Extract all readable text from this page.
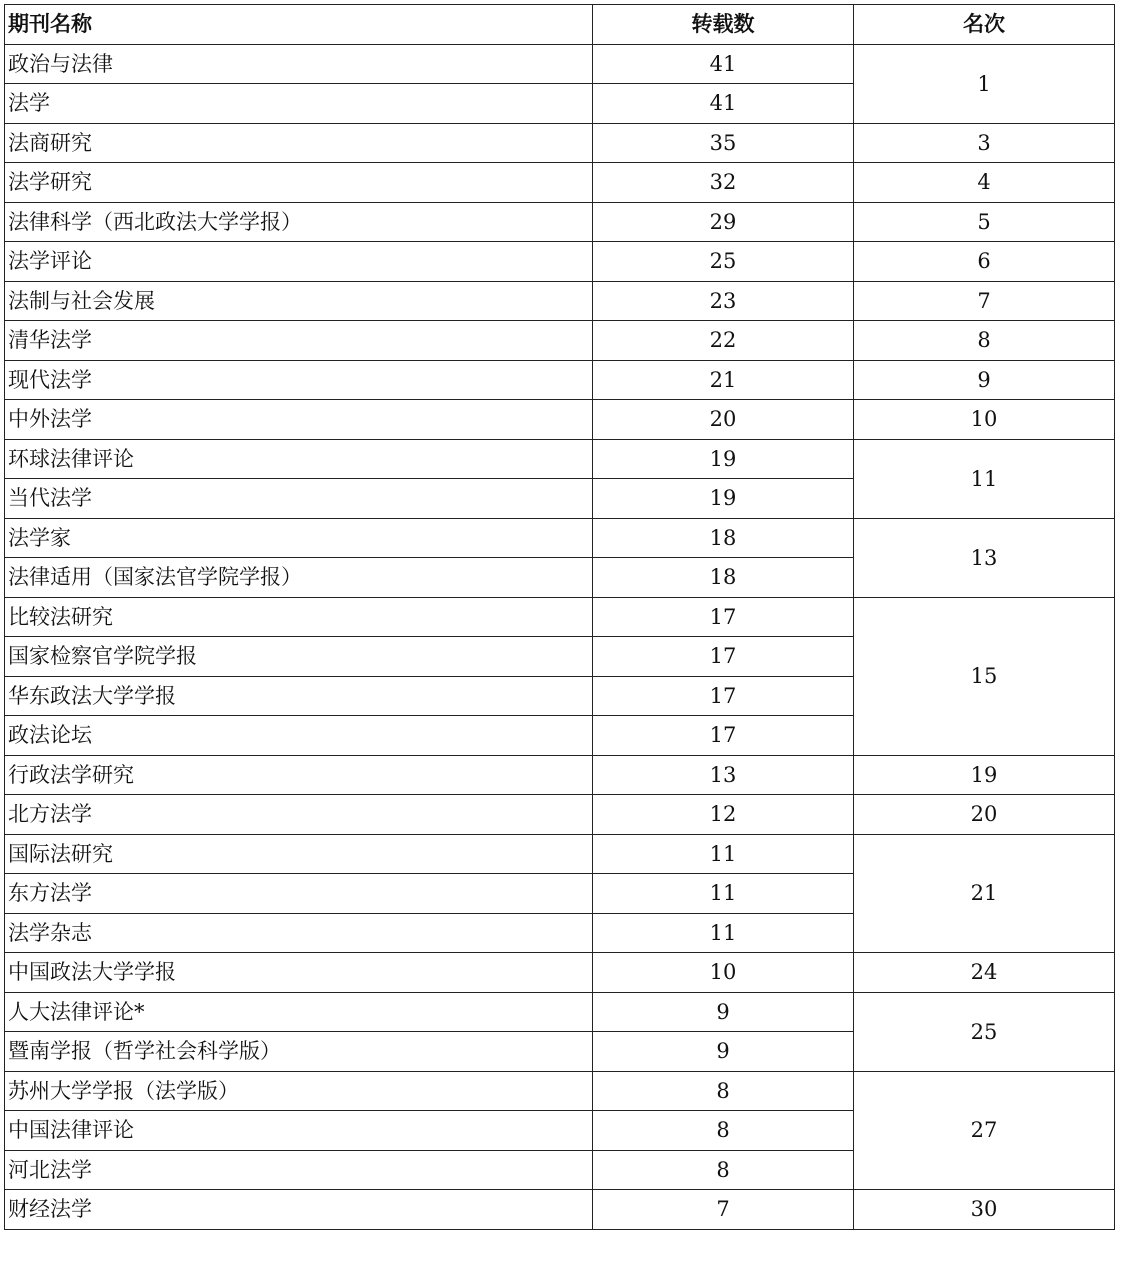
期刊名称	转载数	名次
政治与法律	41	1
法学	41	
法商研究	35	3
法学研究	32	4
法律科学（西北政法大学学报）	29	5
法学评论	25	6
法制与社会发展	23	7
清华法学	22	8
现代法学	21	9
中外法学	20	10
环球法律评论	19	11
当代法学	19	
法学家	18	13
法律适用（国家法官学院学报）	18	
比较法研究	17	15
国家检察官学院学报	17	
华东政法大学学报	17	
政法论坛	17	
行政法学研究	13	19
北方法学	12	20
国际法研究	11	21
东方法学	11	
法学杂志	11	
中国政法大学学报	10	24
人大法律评论*	9	25
暨南学报（哲学社会科学版）	9	
苏州大学学报（法学版）	8	27
中国法律评论	8	
河北法学	8	
财经法学	7	30
